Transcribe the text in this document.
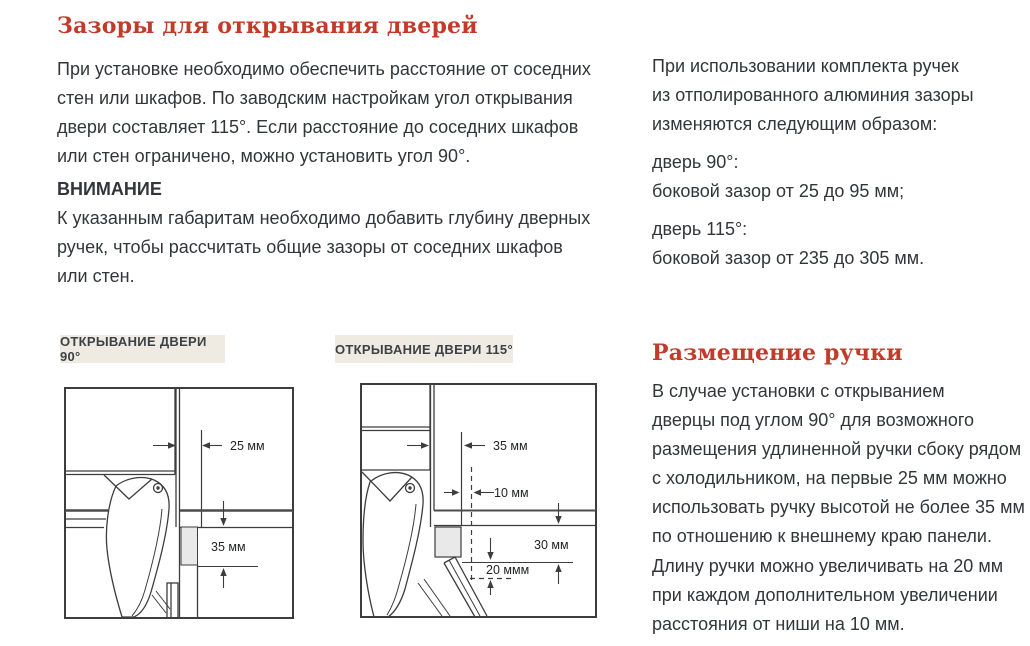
Зазоры для открывания дверей
При установке необходимо обеспечить расстояние от соседних
стен или шкафов. По заводским настройкам угол открывания
двери составляет 115°. Если расстояние до соседних шкафов
или стен ограничено, можно установить угол 90°.
ВНИМАНИЕ
К указанным габаритам необходимо добавить глубину дверных
ручек, чтобы рассчитать общие зазоры от соседних шкафов
или стен.
ОТКРЫВАНИЕ ДВЕРИ 90°	ОТКРЫВАНИЕ ДВЕРИ 115°
25 мм
35 мм
35 мм
10 мм
30 мм
20 ммм
При использовании комплекта ручек
из отполированного алюминия зазоры
изменяются следующим образом:
дверь 90°:
боковой зазор от 25 до 95 мм;
дверь 115°:
боковой зазор от 235 до 305 мм.
Размещение ручки
В случае установки с открыванием
дверцы под углом 90° для возможного
размещения удлиненной ручки сбоку рядом
с холодильником, на первые 25 мм можно
использовать ручку высотой не более 35 мм
по отношению к внешнему краю панели.
Длину ручки можно увеличивать на 20 мм
при каждом дополнительном увеличении
расстояния от ниши на 10 мм.
